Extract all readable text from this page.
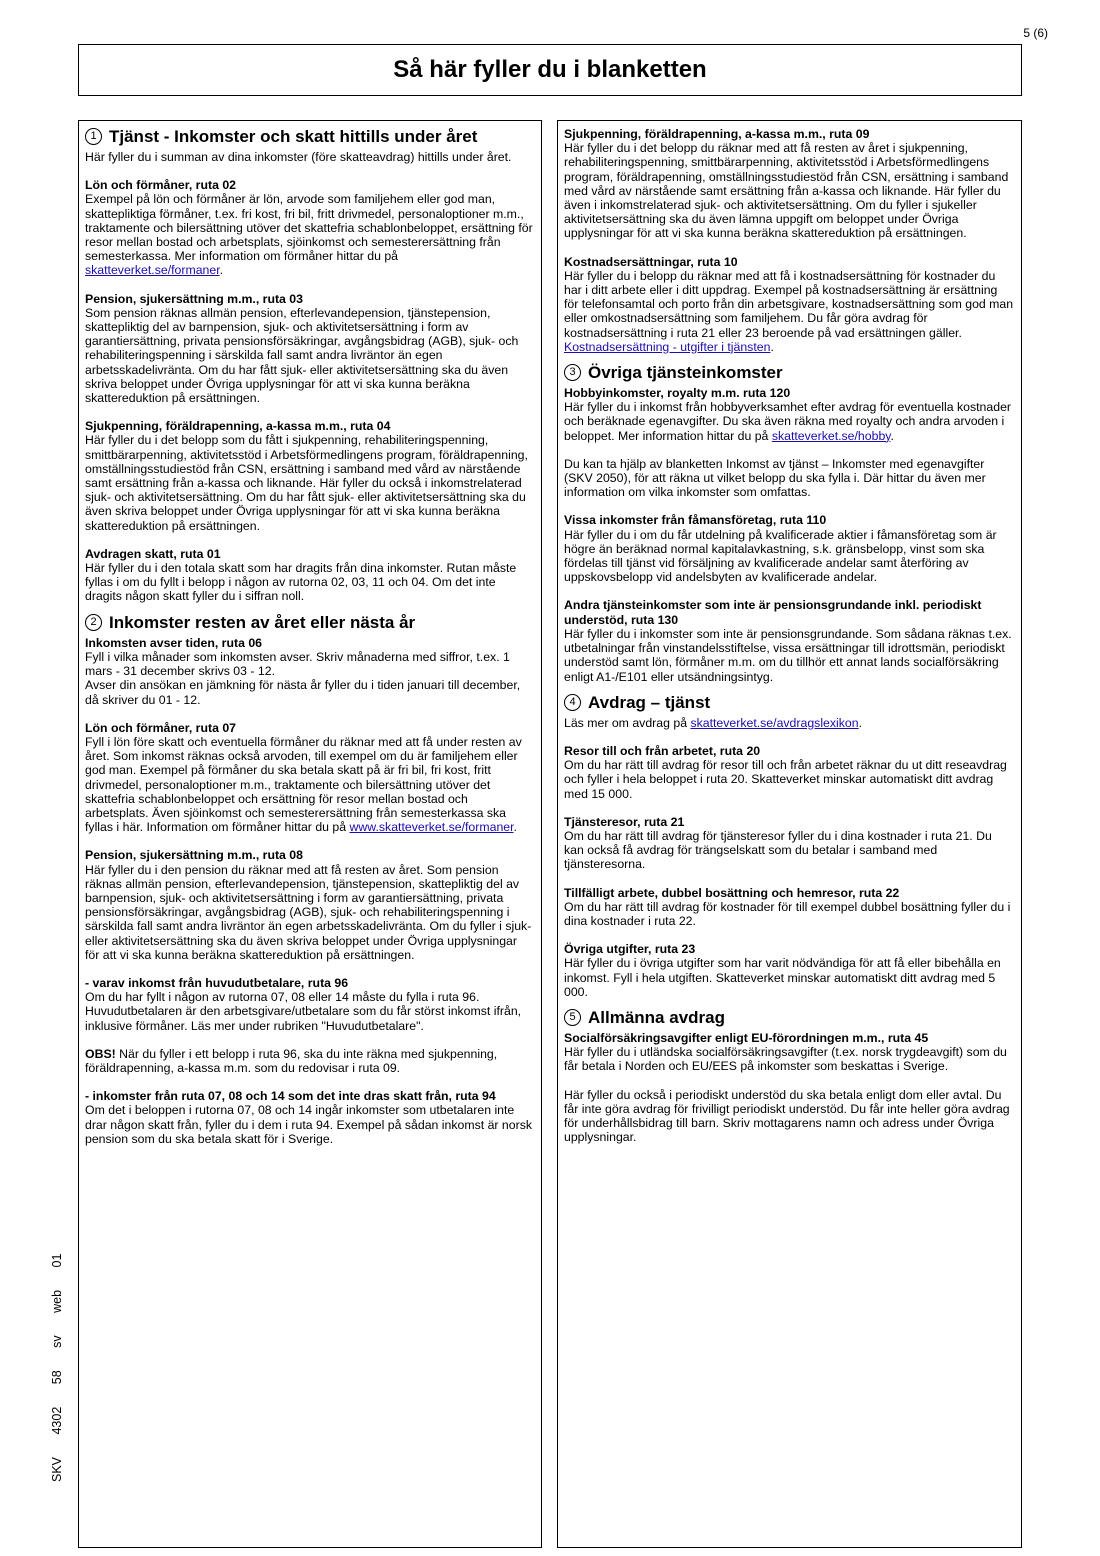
5 (6)
Så här fyller du i blanketten
1 Tjänst - Inkomster och skatt hittills under året

Här fyller du i summan av dina inkomster (före skatteavdrag) hittills under året.

Lön och förmåner, ruta 02

Exempel på lön och förmåner är lön, arvode som familjehem eller god man, skattepliktiga förmåner, t.ex. fri kost, fri bil, fritt drivmedel, personaloptioner m.m., traktamente och bilersättning utöver det skattefria schablonbeloppet, ersättning för resor mellan bostad och arbetsplats, sjöinkomst och semesterersättning från semesterkassa. Mer information om förmåner hittar du på skatteverket.se/formaner.

Pension, sjukersättning m.m., ruta 03

Som pension räknas allmän pension, efterlevandepension, tjänstepension, skattepliktig del av barnpension, sjuk- och aktivitetsersättning i form av garantiersättning, privata pensionsförsäkringar, avgångsbidrag (AGB), sjuk- och rehabiliteringspenning i särskilda fall samt andra livräntor än egen arbetsskadelivränta. Om du har fått sjuk- eller aktivitetsersättning ska du även skriva beloppet under Övriga upplysningar för att vi ska kunna beräkna skattereduktion på ersättningen.

Sjukpenning, föräldrapenning, a-kassa m.m., ruta 04

Här fyller du i det belopp som du fått i sjukpenning, rehabiliteringspenning, smittbärarpenning, aktivitetsstöd i Arbetsförmedlingens program, föräldrapenning, omställningsstudiestöd från CSN, ersättning i samband med vård av närstående samt ersättning från a-kassa och liknande. Här fyller du också i inkomstrelaterad sjuk- och aktivitetsersättning. Om du har fått sjuk- eller aktivitetsersättning ska du även skriva beloppet under Övriga upplysningar för att vi ska kunna beräkna skattereduktion på ersättningen.

Avdragen skatt, ruta 01

Här fyller du i den totala skatt som har dragits från dina inkomster. Rutan måste fyllas i om du fyllt i belopp i någon av rutorna 02, 03, 11 och 04. Om det inte dragits någon skatt fyller du i siffran noll.

2 Inkomster resten av året eller nästa år
Inkomsten avser tiden, ruta 06

Fyll i vilka månader som inkomsten avser. Skriv månaderna med siffror, t.ex. 1 mars - 31 december skrivs 03 - 12.

Avser din ansökan en jämkning för nästa år fyller du i tiden januari till december, då skriver du 01 - 12.

Lön och förmåner, ruta 07

Fyll i lön före skatt och eventuella förmåner du räknar med att få under resten av året. Som inkomst räknas också arvoden, till exempel om du är familjehem eller god man. Exempel på förmåner du ska betala skatt på är fri bil, fri kost, fritt drivmedel, personaloptioner m.m., traktamente och bilersättning utöver det skattefria schablonbeloppet och ersättning för resor mellan bostad och arbetsplats. Även sjöinkomst och semesterersättning från semesterkassa ska fyllas i här. Information om förmåner hittar du på www.skatteverket.se/formaner.

Pension, sjukersättning m.m., ruta 08

Här fyller du i den pension du räknar med att få resten av året. Som pension räknas allmän pension, efterlevandepension, tjänstepension, skattepliktig del av barnpension, sjuk- och aktivitetsersättning i form av garantiersättning, privata pensionsförsäkringar, avgångsbidrag (AGB), sjuk- och rehabiliteringspenning i särskilda fall samt andra livräntor än egen arbetsskadelivränta. Om du fyller i sjuk- eller aktivitetsersättning ska du även skriva beloppet under Övriga upplysningar för att vi ska kunna beräkna skattereduktion på ersättningen.

- varav inkomst från huvudutbetalare, ruta 96

Om du har fyllt i någon av rutorna 07, 08 eller 14 måste du fylla i ruta 96. Huvudutbetalaren är den arbetsgivare/utbetalare som du får störst inkomst ifrån, inklusive förmåner. Läs mer under rubriken "Huvudutbetalare".

OBS! När du fyller i ett belopp i ruta 96, ska du inte räkna med sjukpenning, föräldrapenning, a-kassa m.m. som du redovisar i ruta 09.

- inkomster från ruta 07, 08 och 14 som det inte dras skatt från, ruta 94

Om det i beloppen i rutorna 07, 08 och 14 ingår inkomster som utbetalaren inte drar någon skatt från, fyller du i dem i ruta 94. Exempel på sådan inkomst är norsk pension som du ska betala skatt för i Sverige.

Sjukpenning, föräldrapenning, a-kassa m.m., ruta 09

Här fyller du i det belopp du räknar med att få resten av året i sjukpenning, rehabiliteringspenning, smittbärarpenning, aktivitetsstöd i Arbetsförmedlingens program, föräldrapenning, omställningsstudiestöd från CSN, ersättning i samband med vård av närstående samt ersättning från a-kassa och liknande. Här fyller du även i inkomstrelaterad sjuk- och aktivitetsersättning. Om du fyller i sjukeller aktivitetsersättning ska du även lämna uppgift om beloppet under Övriga upplysningar för att vi ska kunna beräkna skattereduktion på ersättningen.

Kostnadsersättningar, ruta 10

Här fyller du i belopp du räknar med att få i kostnadsersättning för kostnader du har i ditt arbete eller i ditt uppdrag. Exempel på kostnadsersättning är ersättning för telefonsamtal och porto från din arbetsgivare, kostnadsersättning som god man eller omkostnadsersättning som familjehem. Du får göra avdrag för kostnadsersättning i ruta 21 eller 23 beroende på vad ersättningen gäller.

Kostnadsersättning - utgifter i tjänsten.

3 Övriga tjänsteinkomster
Hobbyinkomster, royalty m.m. ruta 120

Här fyller du i inkomst från hobbyverksamhet efter avdrag för eventuella kostnader och beräknade egenavgifter. Du ska även räkna med royalty och andra arvoden i beloppet. Mer information hittar du på skatteverket.se/hobby.

Du kan ta hjälp av blanketten Inkomst av tjänst – Inkomster med egenavgifter (SKV 2050), för att räkna ut vilket belopp du ska fylla i. Där hittar du även mer information om vilka inkomster som omfattas.

Vissa inkomster från fåmansföretag, ruta 110

Här fyller du i om du får utdelning på kvalificerade aktier i fåmansföretag som är högre än beräknad normal kapitalavkastning, s.k. gränsbelopp, vinst som ska fördelas till tjänst vid försäljning av kvalificerade andelar samt återföring av uppskovsbelopp vid andelsbyten av kvalificerade andelar.

Andra tjänsteinkomster som inte är pensionsgrundande inkl. periodiskt understöd, ruta 130

Här fyller du i inkomster som inte är pensionsgrundande. Som sådana räknas t.ex. utbetalningar från vinstandelsstiftelse, vissa ersättningar till idrottsmän, periodiskt understöd samt lön, förmåner m.m. om du tillhör ett annat lands socialförsäkring enligt A1-/E101 eller utsändningsintyg.

4 Avdrag – tjänst

Läs mer om avdrag på skatteverket.se/avdragslexikon.

Resor till och från arbetet, ruta 20

Om du har rätt till avdrag för resor till och från arbetet räknar du ut ditt reseavdrag och fyller i hela beloppet i ruta 20. Skatteverket minskar automatiskt ditt avdrag med 15 000.

Tjänsteresor, ruta 21

Om du har rätt till avdrag för tjänsteresor fyller du i dina kostnader i ruta 21. Du kan också få avdrag för trängselskatt som du betalar i samband med tjänsteresorna.

Tillfälligt arbete, dubbel bosättning och hemresor, ruta 22

Om du har rätt till avdrag för kostnader för till exempel dubbel bosättning fyller du i dina kostnader i ruta 22.

Övriga utgifter, ruta 23

Här fyller du i övriga utgifter som har varit nödvändiga för att få eller bibehålla en inkomst. Fyll i hela utgiften. Skatteverket minskar automatiskt ditt avdrag med 5 000.

5 Allmänna avdrag
Socialförsäkringsavgifter enligt EU-förordningen m.m., ruta 45

Här fyller du i utländska socialförsäkringsavgifter (t.ex. norsk trygdeavgift) som du får betala i Norden och EU/EES på inkomster som beskattas i Sverige.

Här fyller du också i periodiskt understöd du ska betala enligt dom eller avtal. Du får inte göra avdrag för frivilligt periodiskt understöd. Du får inte heller göra avdrag för underhållsbidrag till barn. Skriv mottagarens namn och adress under Övriga upplysningar.

SKV 4302 58 sv web 01
